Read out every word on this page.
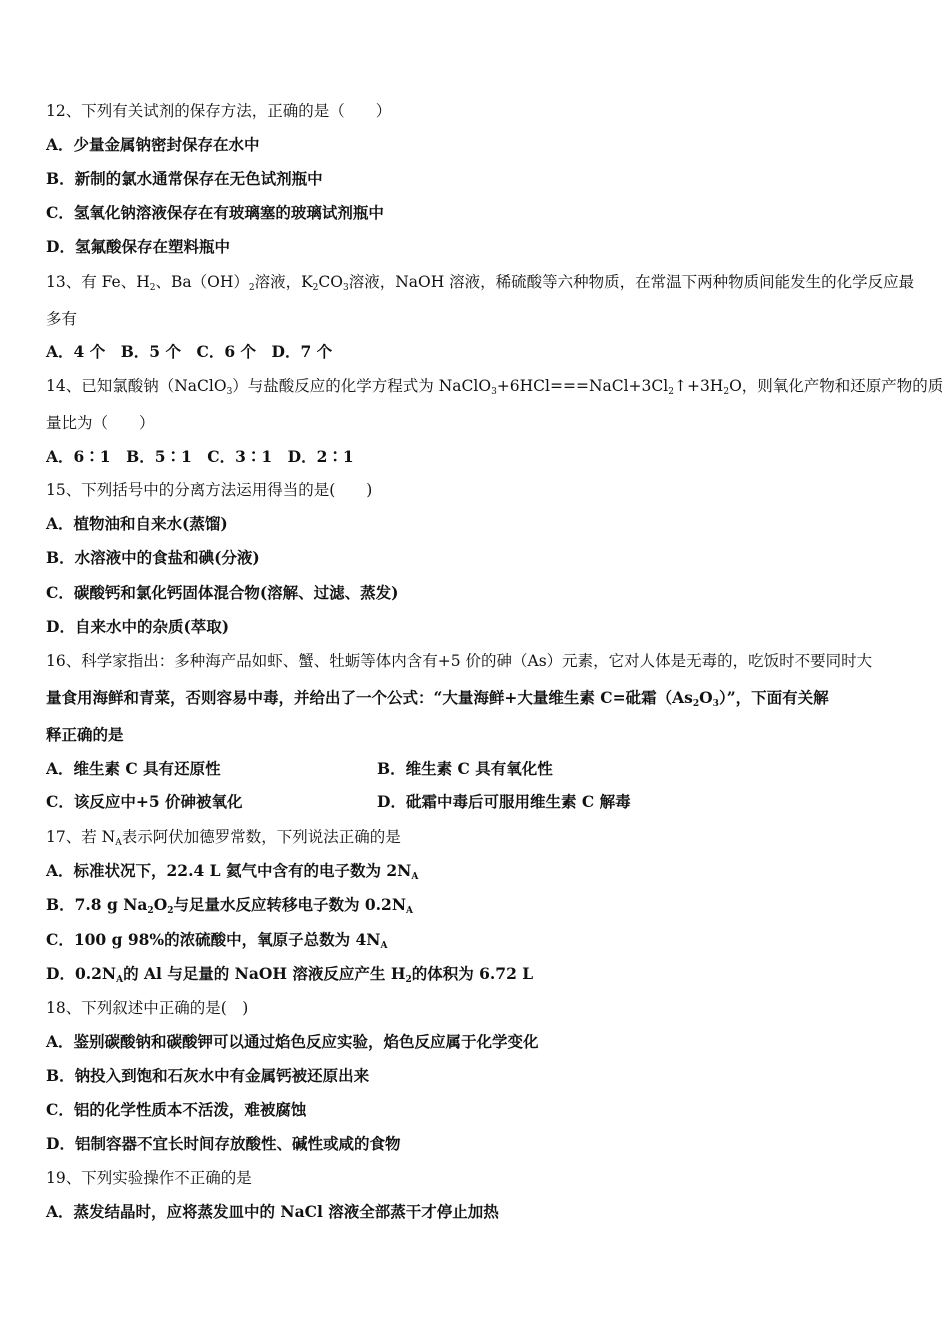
12、下列有关试剂的保存方法，正确的是（　　）
A．少量金属钠密封保存在水中
B．新制的氯水通常保存在无色试剂瓶中
C．氢氧化钠溶液保存在有玻璃塞的玻璃试剂瓶中
D．氢氟酸保存在塑料瓶中
13、有 Fe、$H_2$、$Ba(OH)_2$溶液，$K_2CO_3$溶液，NaOH 溶液，稀硫酸等六种物质，在常温下两种物质间能发生的化学反应最
多有
A．4 个　B．5 个　C．6 个　D．7 个
14、已知氯酸钠（NaClO$_3$）与盐酸反应的化学方程式为 $NaClO_3+6HCl===NaCl+3Cl_2↑+3H_2O$，则氧化产物和还原产物的质
量比为（　　）
A．6∶1　B．5∶1　C．3∶1　D．2∶1
15、下列括号中的分离方法运用得当的是(　　)
A．植物油和自来水(蒸馏)
B．水溶液中的食盐和碘(分液)
C．碳酸钙和氯化钙固体混合物(溶解、过滤、蒸发)
D．自来水中的杂质(萃取)
16、科学家指出：多种海产品如虾、蟹、牡蛎等体内含有+5 价的砷（As）元素，它对人体是无毒的，吃饭时不要同时大
量食用海鲜和青菜，否则容易中毒，并给出了一个公式：“大量海鲜+大量维生素 C=砒霜$(As_2O_3)$”，下面有关解
释正确的是
A．维生素 C 具有还原性	B．维生素 C 具有氧化性
C．该反应中+5 价砷被氧化	D．砒霜中毒后可服用维生素 C 解毒
17、若 $N_A$表示阿伏加德罗常数，下列说法正确的是
A．标准状况下，22.4 L 氦气中含有的电子数为 $2N_A$
B．7.8 g $Na_2O_2$与足量水反应转移电子数为 $0.2N_A$
C．100 g 98%的浓硫酸中，氧原子总数为 $4N_A$
D．$0.2N_A$的 Al 与足量的 NaOH 溶液反应产生 $H_2$的体积为 6.72 L
18、下列叙述中正确的是(　)
A．鉴别碳酸钠和碳酸钾可以通过焰色反应实验，焰色反应属于化学变化
B．钠投入到饱和石灰水中有金属钙被还原出来
C．铝的化学性质本不活泼，难被腐蚀
D．铝制容器不宜长时间存放酸性、碱性或咸的食物
19、下列实验操作不正确的是
A．蒸发结晶时，应将蒸发皿中的 NaCl 溶液全部蒸干才停止加热
